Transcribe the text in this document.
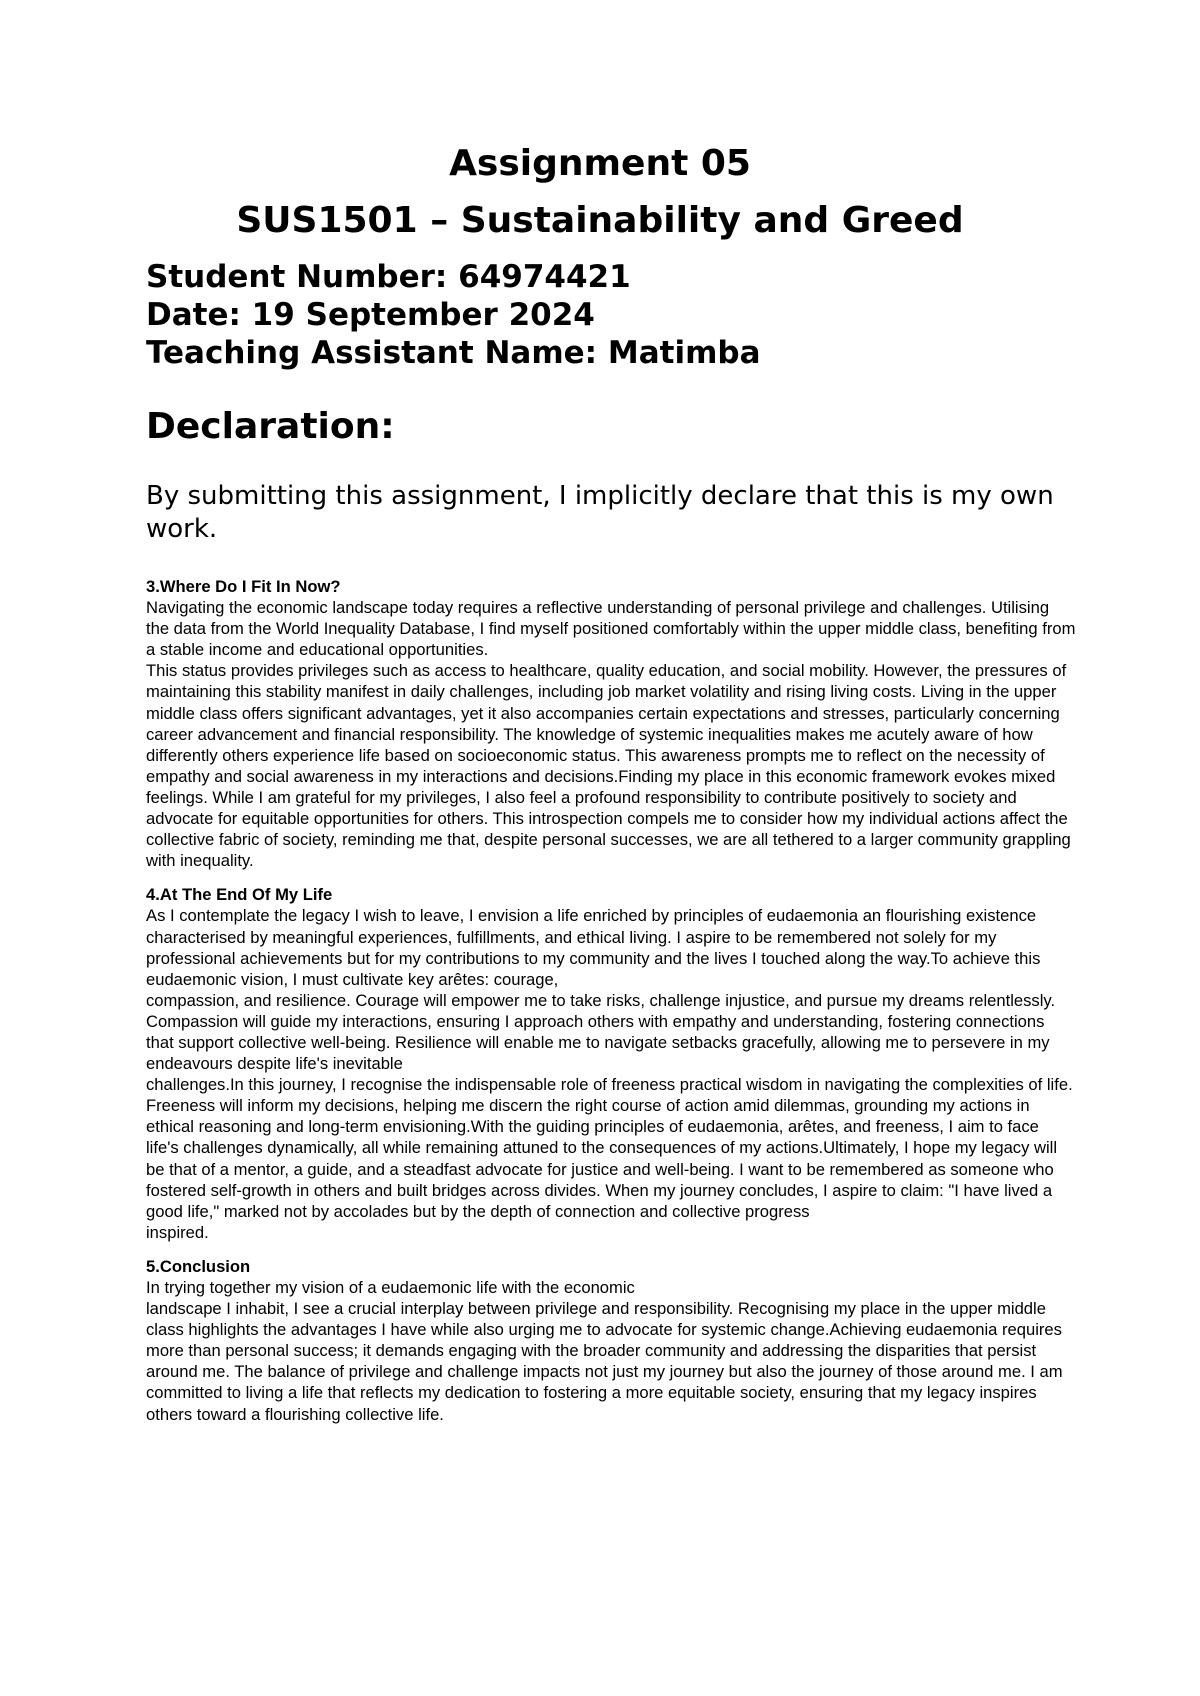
Assignment 05
SUS1501 – Sustainability and Greed
Student Number: 64974421
Date: 19 September 2024
Teaching Assistant Name: Matimba
Declaration:

By submitting this assignment, I implicitly declare that this is my own work.

3.Where Do I Fit In Now?

Navigating the economic landscape today requires a reflective understanding of personal privilege and challenges. Utilising the data from the World Inequality Database, I find myself positioned comfortably within the upper middle class, benefiting from a stable income and educational opportunities.

This status provides privileges such as access to healthcare, quality education, and social mobility. However, the pressures of maintaining this stability manifest in daily challenges, including job market volatility and rising living costs. Living in the upper middle class offers significant advantages, yet it also accompanies certain expectations and stresses, particularly concerning career advancement and financial responsibility. The knowledge of systemic inequalities makes me acutely aware of how differently others experience life based on socioeconomic status. This awareness prompts me to reflect on the necessity of empathy and social awareness in my interactions and decisions.Finding my place in this economic framework evokes mixed feelings. While I am grateful for my privileges, I also feel a profound responsibility to contribute positively to society and advocate for equitable opportunities for others. This introspection compels me to consider how my individual actions affect the collective fabric of society, reminding me that, despite personal successes, we are all tethered to a larger community grappling with inequality.

4.At The End Of My Life

As I contemplate the legacy I wish to leave, I envision a life enriched by principles of eudaemonia an flourishing existence characterised by meaningful experiences, fulfillments, and ethical living. I aspire to be remembered not solely for my professional achievements but for my contributions to my community and the lives I touched along the way.To achieve this eudaemonic vision, I must cultivate key arêtes: courage,

compassion, and resilience. Courage will empower me to take risks, challenge injustice, and pursue my dreams relentlessly. Compassion will guide my interactions, ensuring I approach others with empathy and understanding, fostering connections that support collective well-being. Resilience will enable me to navigate setbacks gracefully, allowing me to persevere in my endeavours despite life's inevitable

challenges.In this journey, I recognise the indispensable role of freeness practical wisdom in navigating the complexities of life. Freeness will inform my decisions, helping me discern the right course of action amid dilemmas, grounding my actions in ethical reasoning and long-term envisioning.With the guiding principles of eudaemonia, arêtes, and freeness, I aim to face life's challenges dynamically, all while remaining attuned to the consequences of my actions.Ultimately, I hope my legacy will be that of a mentor, a guide, and a steadfast advocate for justice and well-being. I want to be remembered as someone who fostered self-growth in others and built bridges across divides. When my journey concludes, I aspire to claim: "I have lived a good life," marked not by accolades but by the depth of connection and collective progress

inspired.

5.Conclusion

In trying together my vision of a eudaemonic life with the economic

landscape I inhabit, I see a crucial interplay between privilege and responsibility. Recognising my place in the upper middle class highlights the advantages I have while also urging me to advocate for systemic change.Achieving eudaemonia requires more than personal success; it demands engaging with the broader community and addressing the disparities that persist around me. The balance of privilege and challenge impacts not just my journey but also the journey of those around me. I am committed to living a life that reflects my dedication to fostering a more equitable society, ensuring that my legacy inspires others toward a flourishing collective life.
